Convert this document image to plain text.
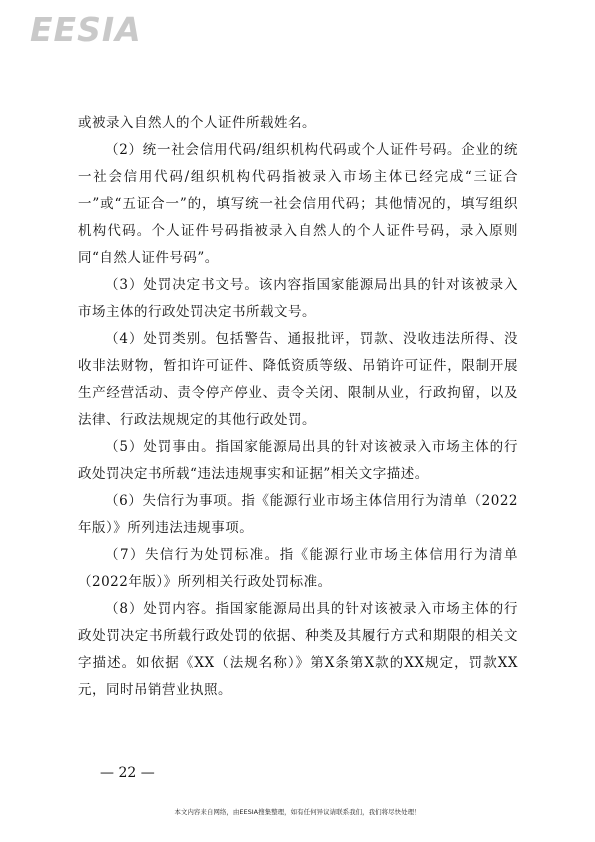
EESIA

或被录入自然人的个人证件所载姓名。

（2）统一社会信用代码/组织机构代码或个人证件号码。企业的统一社会信用代码/组织机构代码指被录入市场主体已经完成“三证合一”或“五证合一”的，填写统一社会信用代码；其他情况的，填写组织机构代码。个人证件号码指被录入自然人的个人证件号码，录入原则同“自然人证件号码”。

（3）处罚决定书文号。该内容指国家能源局出具的针对该被录入市场主体的行政处罚决定书所载文号。

（4）处罚类别。包括警告、通报批评，罚款、没收违法所得、没收非法财物，暂扣许可证件、降低资质等级、吊销许可证件，限制开展生产经营活动、责令停产停业、责令关闭、限制从业，行政拘留，以及法律、行政法规规定的其他行政处罚。

（5）处罚事由。指国家能源局出具的针对该被录入市场主体的行政处罚决定书所载“违法违规事实和证据”相关文字描述。

（6）失信行为事项。指《能源行业市场主体信用行为清单（2022年版）》所列违法违规事项。

（7）失信行为处罚标准。指《能源行业市场主体信用行为清单（2022年版）》所列相关行政处罚标准。

（8）处罚内容。指国家能源局出具的针对该被录入市场主体的行政处罚决定书所载行政处罚的依据、种类及其履行方式和期限的相关文字描述。如依据《XX（法规名称）》第X条第X款的XX规定，罚款XX元，同时吊销营业执照。

— 22 —
本文内容来自网络，由EESIA搜集整理，如有任何异议请联系我们，我们将尽快处理！
